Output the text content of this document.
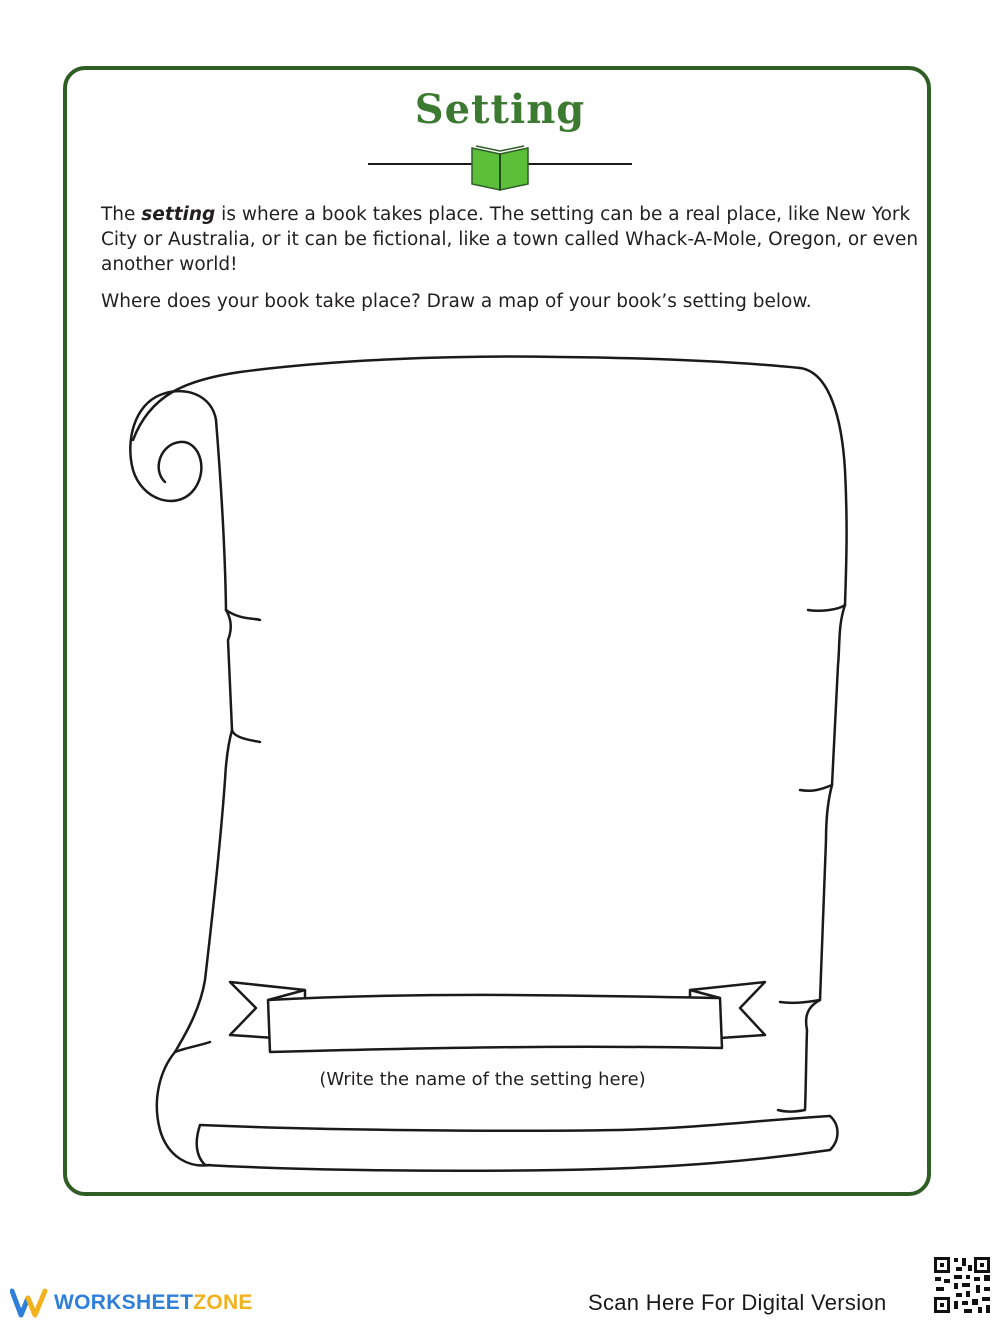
Setting

The setting is where a book takes place. The setting can be a real place, like New York City or Australia, or it can be fictional, like a town called Whack-A-Mole, Oregon, or even another world!

Where does your book take place? Draw a map of your book’s setting below.

(Write the name of the setting here)
WORKSHEETZONE	Scan Here For Digital Version
